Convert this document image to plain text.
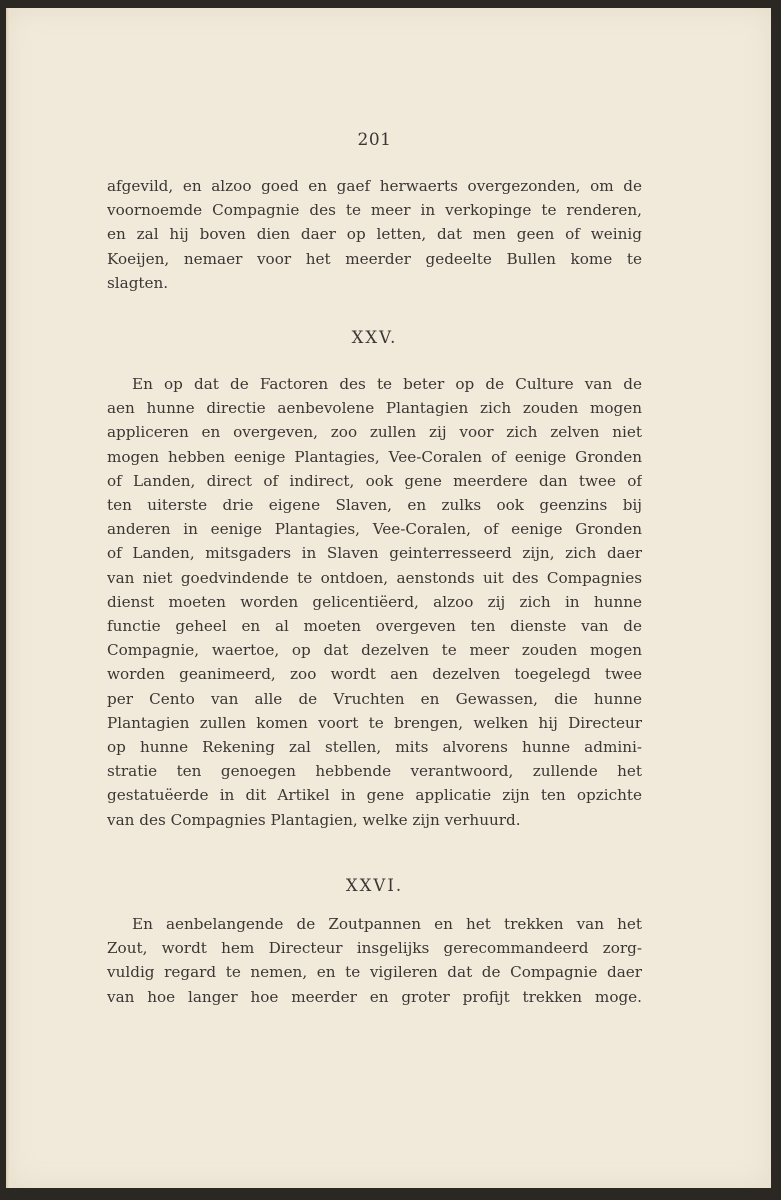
201

afgevild, en alzoo goed en gaef herwaerts overgezonden, om de
voornoemde Compagnie des te meer in verkopinge te renderen,
en zal hij boven dien daer op letten, dat men geen of weinig
Koeijen, nemaer voor het meerder gedeelte Bullen kome te
slagten.

XXV.

En op dat de Factoren des te beter op de Culture van de
aen hunne directie aenbevolene Plantagien zich zouden mogen
appliceren en overgeven, zoo zullen zij voor zich zelven niet
mogen hebben eenige Plantagies, Vee-Coralen of eenige Gronden
of Landen, direct of indirect, ook gene meerdere dan twee of
ten uiterste drie eigene Slaven, en zulks ook geenzins bij
anderen in eenige Plantagies, Vee-Coralen, of eenige Gronden
of Landen, mitsgaders in Slaven geinterresseerd zijn, zich daer
van niet goedvindende te ontdoen, aenstonds uit des Compagnies
dienst moeten worden gelicentiëerd, alzoo zij zich in hunne
functie geheel en al moeten overgeven ten dienste van de
Compagnie, waertoe, op dat dezelven te meer zouden mogen
worden geanimeerd, zoo wordt aen dezelven toegelegd twee
per Cento van alle de Vruchten en Gewassen, die hunne
Plantagien zullen komen voort te brengen, welken hij Directeur
op hunne Rekening zal stellen, mits alvorens hunne admini-
stratie ten genoegen hebbende verantwoord, zullende het
gestatuëerde in dit Artikel in gene applicatie zijn ten opzichte
van des Compagnies Plantagien, welke zijn verhuurd.

XXVI.

En aenbelangende de Zoutpannen en het trekken van het
Zout, wordt hem Directeur insgelijks gerecommandeerd zorg-
vuldig regard te nemen, en te vigileren dat de Compagnie daer
van hoe langer hoe meerder en groter profijt trekken moge.
